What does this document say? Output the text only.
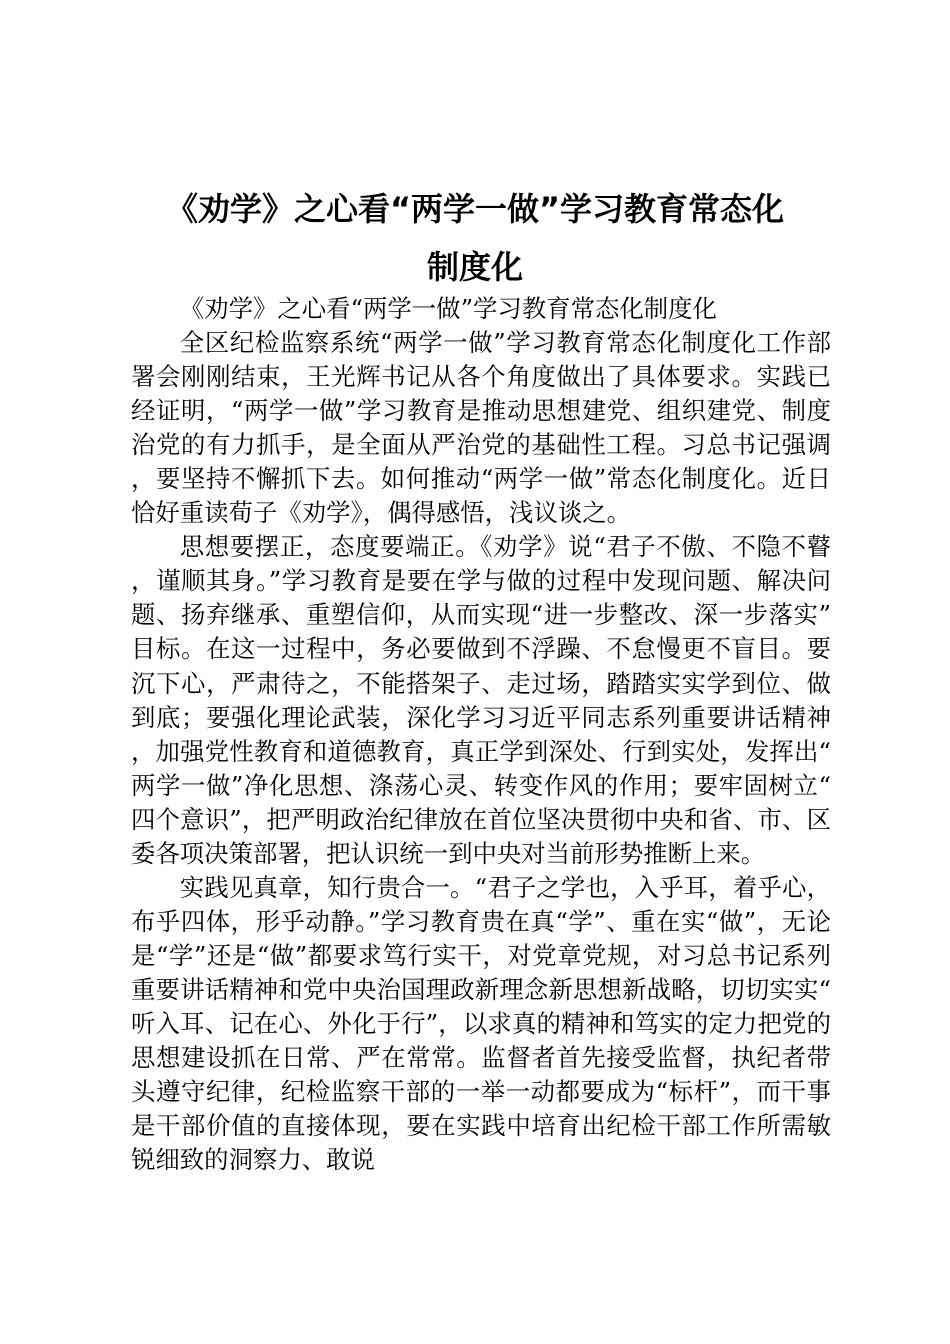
《劝学》之心看“两学一做”学习教育常态化
制度化

《劝学》之心看“两学一做”学习教育常态化制度化

全区纪检监察系统“两学一做”学习教育常态化制度化工作部署会刚刚结束，王光辉书记从各个角度做出了具体要求。实践已经证明，“两学一做”学习教育是推动思想建党、组织建党、制度治党的有力抓手，是全面从严治党的基础性工程。习总书记强调，要坚持不懈抓下去。如何推动“两学一做”常态化制度化。近日恰好重读荀子《劝学》，偶得感悟，浅议谈之。

思想要摆正，态度要端正。《劝学》说“君子不傲、不隐不瞽，谨顺其身。”学习教育是要在学与做的过程中发现问题、解决问题、扬弃继承、重塑信仰，从而实现“进一步整改、深一步落实”目标。在这一过程中，务必要做到不浮躁、不怠慢更不盲目。要沉下心，严肃待之，不能搭架子、走过场，踏踏实实学到位、做到底；要强化理论武装，深化学习习近平同志系列重要讲话精神，加强党性教育和道德教育，真正学到深处、行到实处，发挥出“两学一做”净化思想、涤荡心灵、转变作风的作用；要牢固树立“四个意识”，把严明政治纪律放在首位坚决贯彻中央和省、市、区委各项决策部署，把认识统一到中央对当前形势推断上来。

实践见真章，知行贵合一。“君子之学也，入乎耳，着乎心，布乎四体，形乎动静。”学习教育贵在真“学”、重在实“做”，无论是“学”还是“做”都要求笃行实干，对党章党规，对习总书记系列重要讲话精神和党中央治国理政新理念新思想新战略，切切实实“听入耳、记在心、外化于行”，以求真的精神和笃实的定力把党的思想建设抓在日常、严在常常。监督者首先接受监督，执纪者带头遵守纪律，纪检监察干部的一举一动都要成为“标杆”，而干事是干部价值的直接体现，要在实践中培育出纪检干部工作所需敏锐细致的洞察力、敢说
